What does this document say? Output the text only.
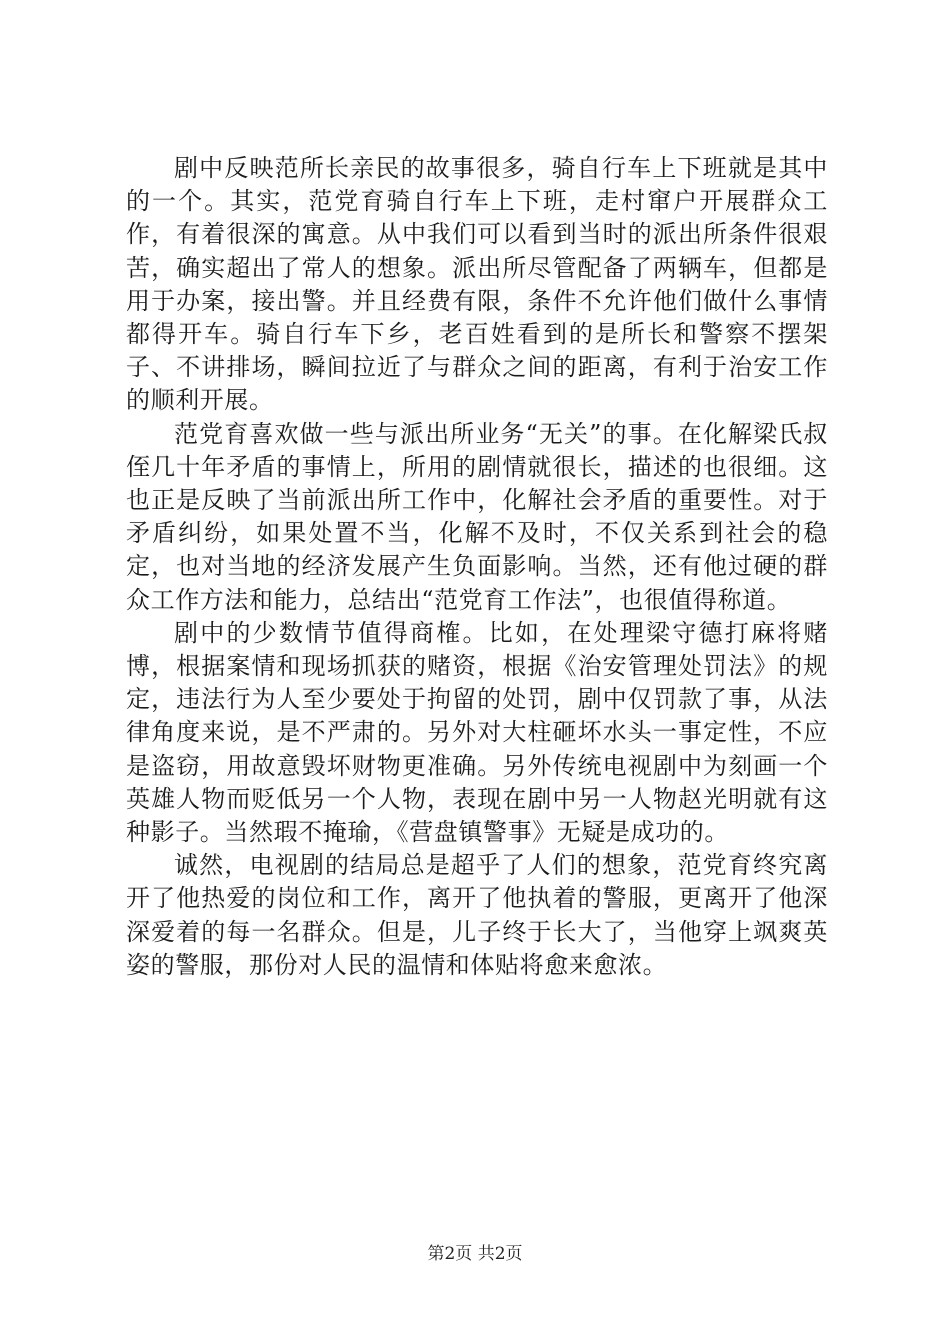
剧中反映范所长亲民的故事很多，骑自行车上下班就是其中的一个。其实，范党育骑自行车上下班，走村窜户开展群众工作，有着很深的寓意。从中我们可以看到当时的派出所条件很艰苦，确实超出了常人的想象。派出所尽管配备了两辆车，但都是用于办案，接出警。并且经费有限，条件不允许他们做什么事情都得开车。骑自行车下乡，老百姓看到的是所长和警察不摆架子、不讲排场，瞬间拉近了与群众之间的距离，有利于治安工作的顺利开展。

范党育喜欢做一些与派出所业务“无关”的事。在化解梁氏叔侄几十年矛盾的事情上，所用的剧情就很长，描述的也很细。这也正是反映了当前派出所工作中，化解社会矛盾的重要性。对于矛盾纠纷，如果处置不当，化解不及时，不仅关系到社会的稳定，也对当地的经济发展产生负面影响。当然，还有他过硬的群众工作方法和能力，总结出“范党育工作法”，也很值得称道。

剧中的少数情节值得商榷。比如，在处理梁守德打麻将赌博，根据案情和现场抓获的赌资，根据《治安管理处罚法》的规定，违法行为人至少要处于拘留的处罚，剧中仅罚款了事，从法律角度来说，是不严肃的。另外对大柱砸坏水头一事定性，不应是盗窃，用故意毁坏财物更准确。另外传统电视剧中为刻画一个英雄人物而贬低另一个人物，表现在剧中另一人物赵光明就有这种影子。当然瑕不掩瑜，《营盘镇警事》无疑是成功的。

诚然，电视剧的结局总是超乎了人们的想象，范党育终究离开了他热爱的岗位和工作，离开了他执着的警服，更离开了他深深爱着的每一名群众。但是，儿子终于长大了，当他穿上飒爽英姿的警服，那份对人民的温情和体贴将愈来愈浓。

第2页 共2页
